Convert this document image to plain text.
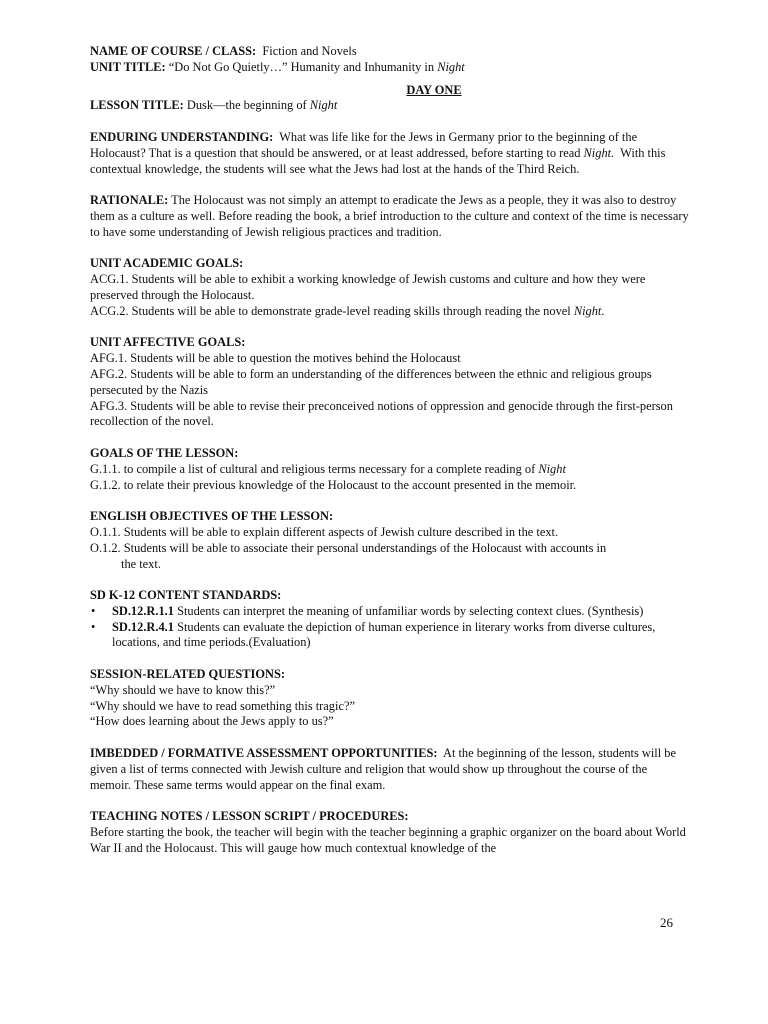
NAME OF COURSE / CLASS: Fiction and Novels

UNIT TITLE: “Do Not Go Quietly…” Humanity and Inhumanity in Night

DAY ONE

LESSON TITLE: Dusk—the beginning of Night

ENDURING UNDERSTANDING: What was life like for the Jews in Germany prior to the beginning of the Holocaust? That is a question that should be answered, or at least addressed, before starting to read Night. With this contextual knowledge, the students will see what the Jews had lost at the hands of the Third Reich.

RATIONALE: The Holocaust was not simply an attempt to eradicate the Jews as a people, they it was also to destroy them as a culture as well. Before reading the book, a brief introduction to the culture and context of the time is necessary to have some understanding of Jewish religious practices and tradition.

UNIT ACADEMIC GOALS:

ACG.1. Students will be able to exhibit a working knowledge of Jewish customs and culture and how they were preserved through the Holocaust.

ACG.2. Students will be able to demonstrate grade-level reading skills through reading the novel Night.

UNIT AFFECTIVE GOALS:

AFG.1. Students will be able to question the motives behind the Holocaust

AFG.2. Students will be able to form an understanding of the differences between the ethnic and religious groups persecuted by the Nazis

AFG.3. Students will be able to revise their preconceived notions of oppression and genocide through the first-person recollection of the novel.

GOALS OF THE LESSON:

G.1.1. to compile a list of cultural and religious terms necessary for a complete reading of Night

G.1.2. to relate their previous knowledge of the Holocaust to the account presented in the memoir.

ENGLISH OBJECTIVES OF THE LESSON:

O.1.1. Students will be able to explain different aspects of Jewish culture described in the text.

O.1.2. Students will be able to associate their personal understandings of the Holocaust with accounts in

the text.

SD K-12 CONTENT STANDARDS:

• SD.12.R.1.1 Students can interpret the meaning of unfamiliar words by selecting context clues. (Synthesis)
• SD.12.R.4.1 Students can evaluate the depiction of human experience in literary works from diverse cultures, locations, and time periods.(Evaluation)

SESSION-RELATED QUESTIONS:

“Why should we have to know this?”

“Why should we have to read something this tragic?”

“How does learning about the Jews apply to us?”

IMBEDDED / FORMATIVE ASSESSMENT OPPORTUNITIES: At the beginning of the lesson, students will be given a list of terms connected with Jewish culture and religion that would show up throughout the course of the memoir. These same terms would appear on the final exam.

TEACHING NOTES / LESSON SCRIPT / PROCEDURES:

Before starting the book, the teacher will begin with the teacher beginning a graphic organizer on the board about World War II and the Holocaust. This will gauge how much contextual knowledge of the

26
